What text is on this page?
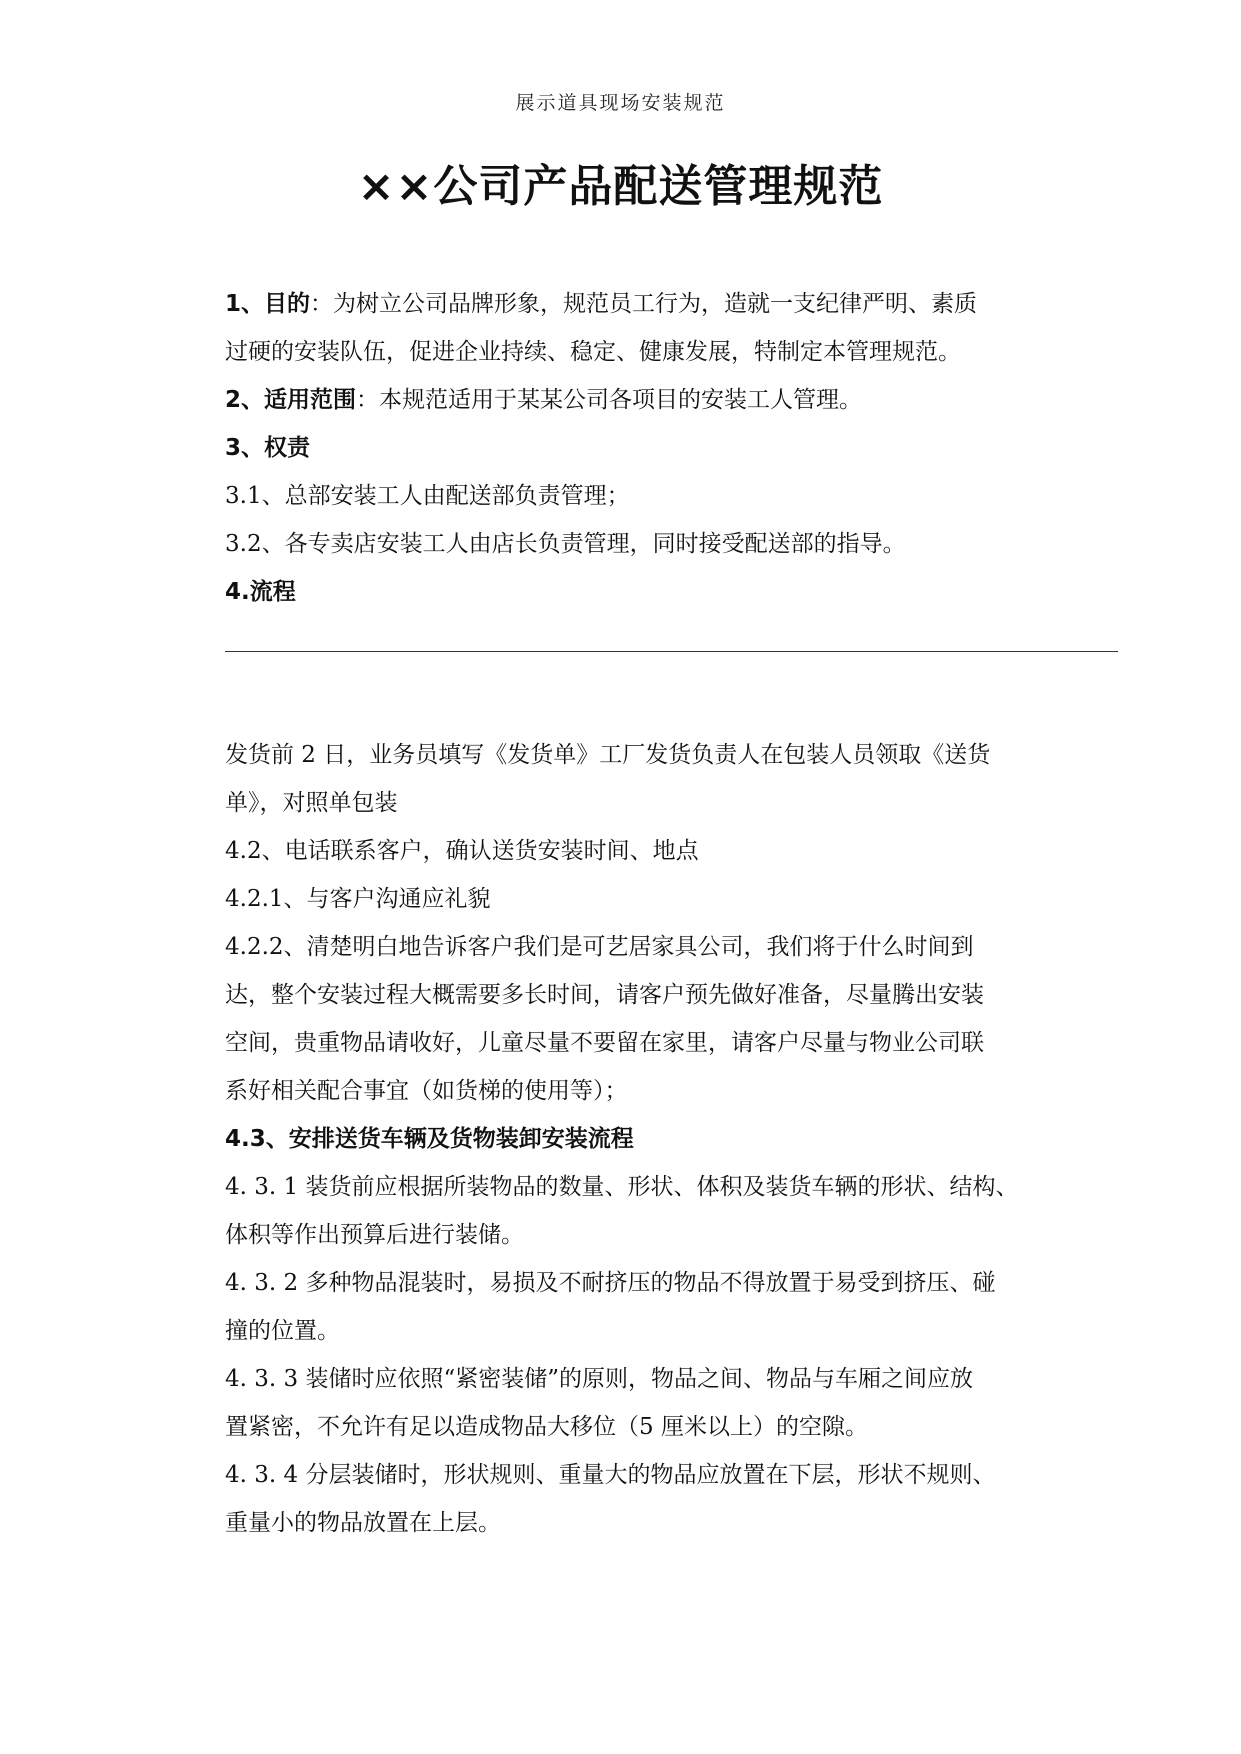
展示道具现场安装规范
××公司产品配送管理规范
1、目的：为树立公司品牌形象，规范员工行为，造就一支纪律严明、素质
过硬的安装队伍，促进企业持续、稳定、健康发展，特制定本管理规范。
2、适用范围：本规范适用于某某公司各项目的安装工人管理。
3、权责
3.1、总部安装工人由配送部负责管理；
3.2、各专卖店安装工人由店长负责管理，同时接受配送部的指导。
4.流程
发货前 2 日，业务员填写《发货单》工厂发货负责人在包装人员领取《送货
单》，对照单包装
4.2、电话联系客户，确认送货安装时间、地点
4.2.1、与客户沟通应礼貌
4.2.2、清楚明白地告诉客户我们是可艺居家具公司，我们将于什么时间到
达，整个安装过程大概需要多长时间，请客户预先做好准备，尽量腾出安装
空间，贵重物品请收好，儿童尽量不要留在家里，请客户尽量与物业公司联
系好相关配合事宜（如货梯的使用等）；
4.3、安排送货车辆及货物装卸安装流程
4. 3. 1 装货前应根据所装物品的数量、形状、体积及装货车辆的形状、结构、
体积等作出预算后进行装储。
4. 3. 2 多种物品混装时，易损及不耐挤压的物品不得放置于易受到挤压、碰
撞的位置。
4. 3. 3 装储时应依照“紧密装储”的原则，物品之间、物品与车厢之间应放
置紧密，不允许有足以造成物品大移位（5 厘米以上）的空隙。
4. 3. 4 分层装储时，形状规则、重量大的物品应放置在下层，形状不规则、
重量小的物品放置在上层。
